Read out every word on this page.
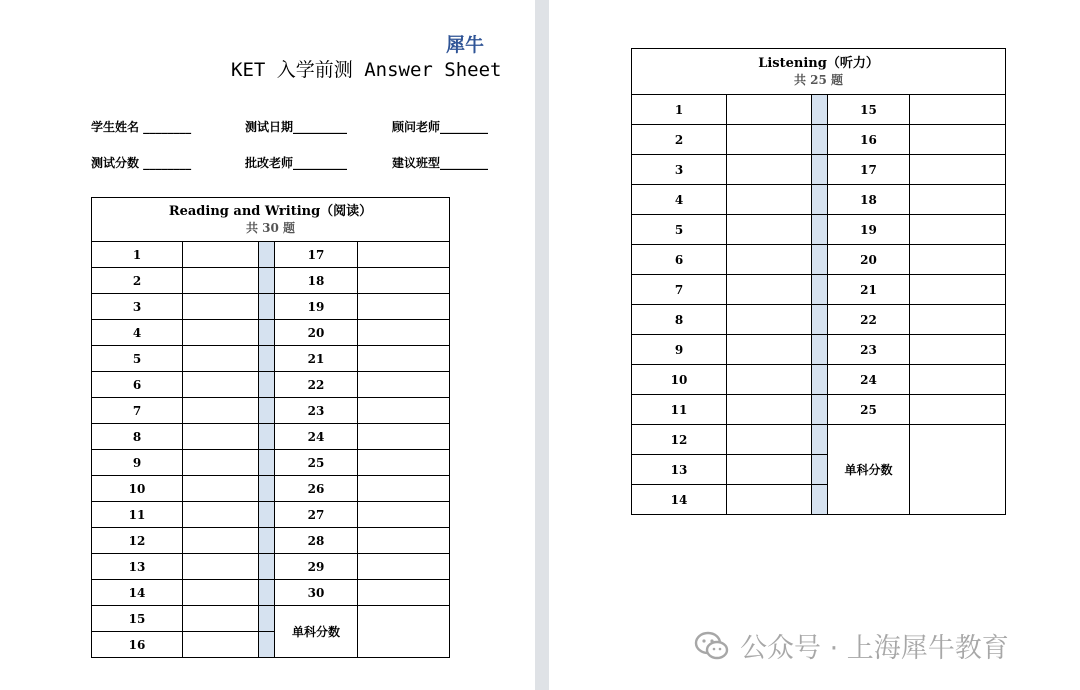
犀牛
KET 入学前测 Answer Sheet
学生姓名 ________	测试日期_________	顾问老师________
测试分数 ________	批改老师_________	建议班型________
Reading and Writing（阅读）
共 30 题				

1			17	
2			18	
3			19	
4			20	
5			21	
6			22	
7			23	
8			24	
9			25	
10			26	
11			27	
12			28	
13			29	
14			30	
15			单科分数	
16				
Listening（听力）
共 25 题				

1			15	
2			16	
3			17	
4			18	
5			19	
6			20	
7			21	
8			22	
9			23	
10			24	
11			25	
12			单科分数	
13				
14				
公众号 · 上海犀牛教育
